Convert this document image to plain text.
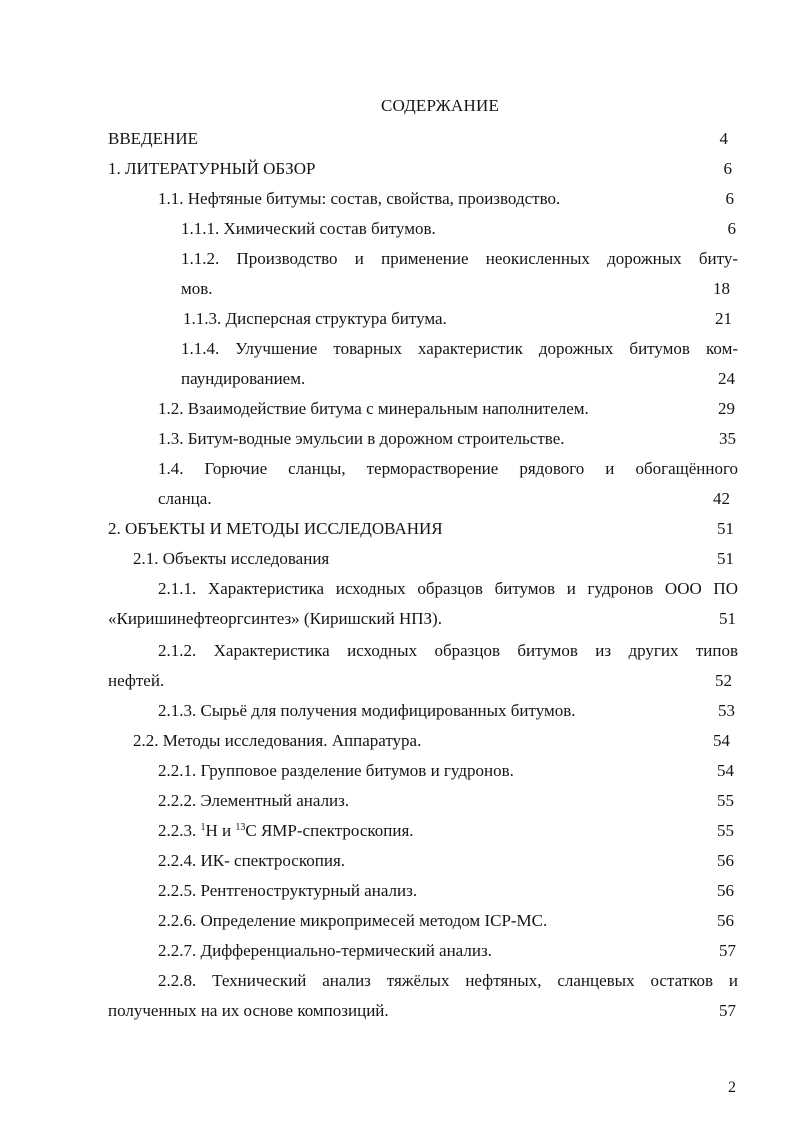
СОДЕРЖАНИЕ
ВВЕДЕНИЕ	4
1. ЛИТЕРАТУРНЫЙ ОБЗОР	6
1.1. Нефтяные битумы: состав, свойства, производство.	6
1.1.1. Химический состав битумов.	6
1.1.2. Производство и применение неокисленных дорожных биту-
мов.	18
1.1.3. Дисперсная структура битума.	21
1.1.4. Улучшение товарных характеристик дорожных битумов ком-
паундированием.	24
1.2. Взаимодействие битума с минеральным наполнителем.	29
1.3. Битум-водные эмульсии в дорожном строительстве.	35
1.4. Горючие сланцы, терморастворение рядового и обогащённого
сланца.	42
2. ОБЪЕКТЫ И МЕТОДЫ ИССЛЕДОВАНИЯ	51
2.1. Объекты исследования	51
2.1.1. Характеристика исходных образцов битумов и гудронов ООО ПО
«Киришинефтеоргсинтез» (Киришский НПЗ).	51
2.1.2. Характеристика исходных образцов битумов из других типов
нефтей.	52
2.1.3. Сырьё для получения модифицированных битумов.	53
2.2. Методы исследования. Аппаратура.	54
2.2.1. Групповое разделение битумов и гудронов.	54
2.2.2. Элементный анализ.	55
2.2.3. $^1$Н и $^{13}$С ЯМР-спектроскопия.	55
2.2.4. ИК- спектроскопия.	56
2.2.5. Рентгеноструктурный анализ.	56
2.2.6. Определение микропримесей методом ICP-MC.	56
2.2.7. Дифференциально-термический анализ.	57
2.2.8. Технический анализ тяжёлых нефтяных, сланцевых остатков и
полученных на их основе композиций.	57
2
